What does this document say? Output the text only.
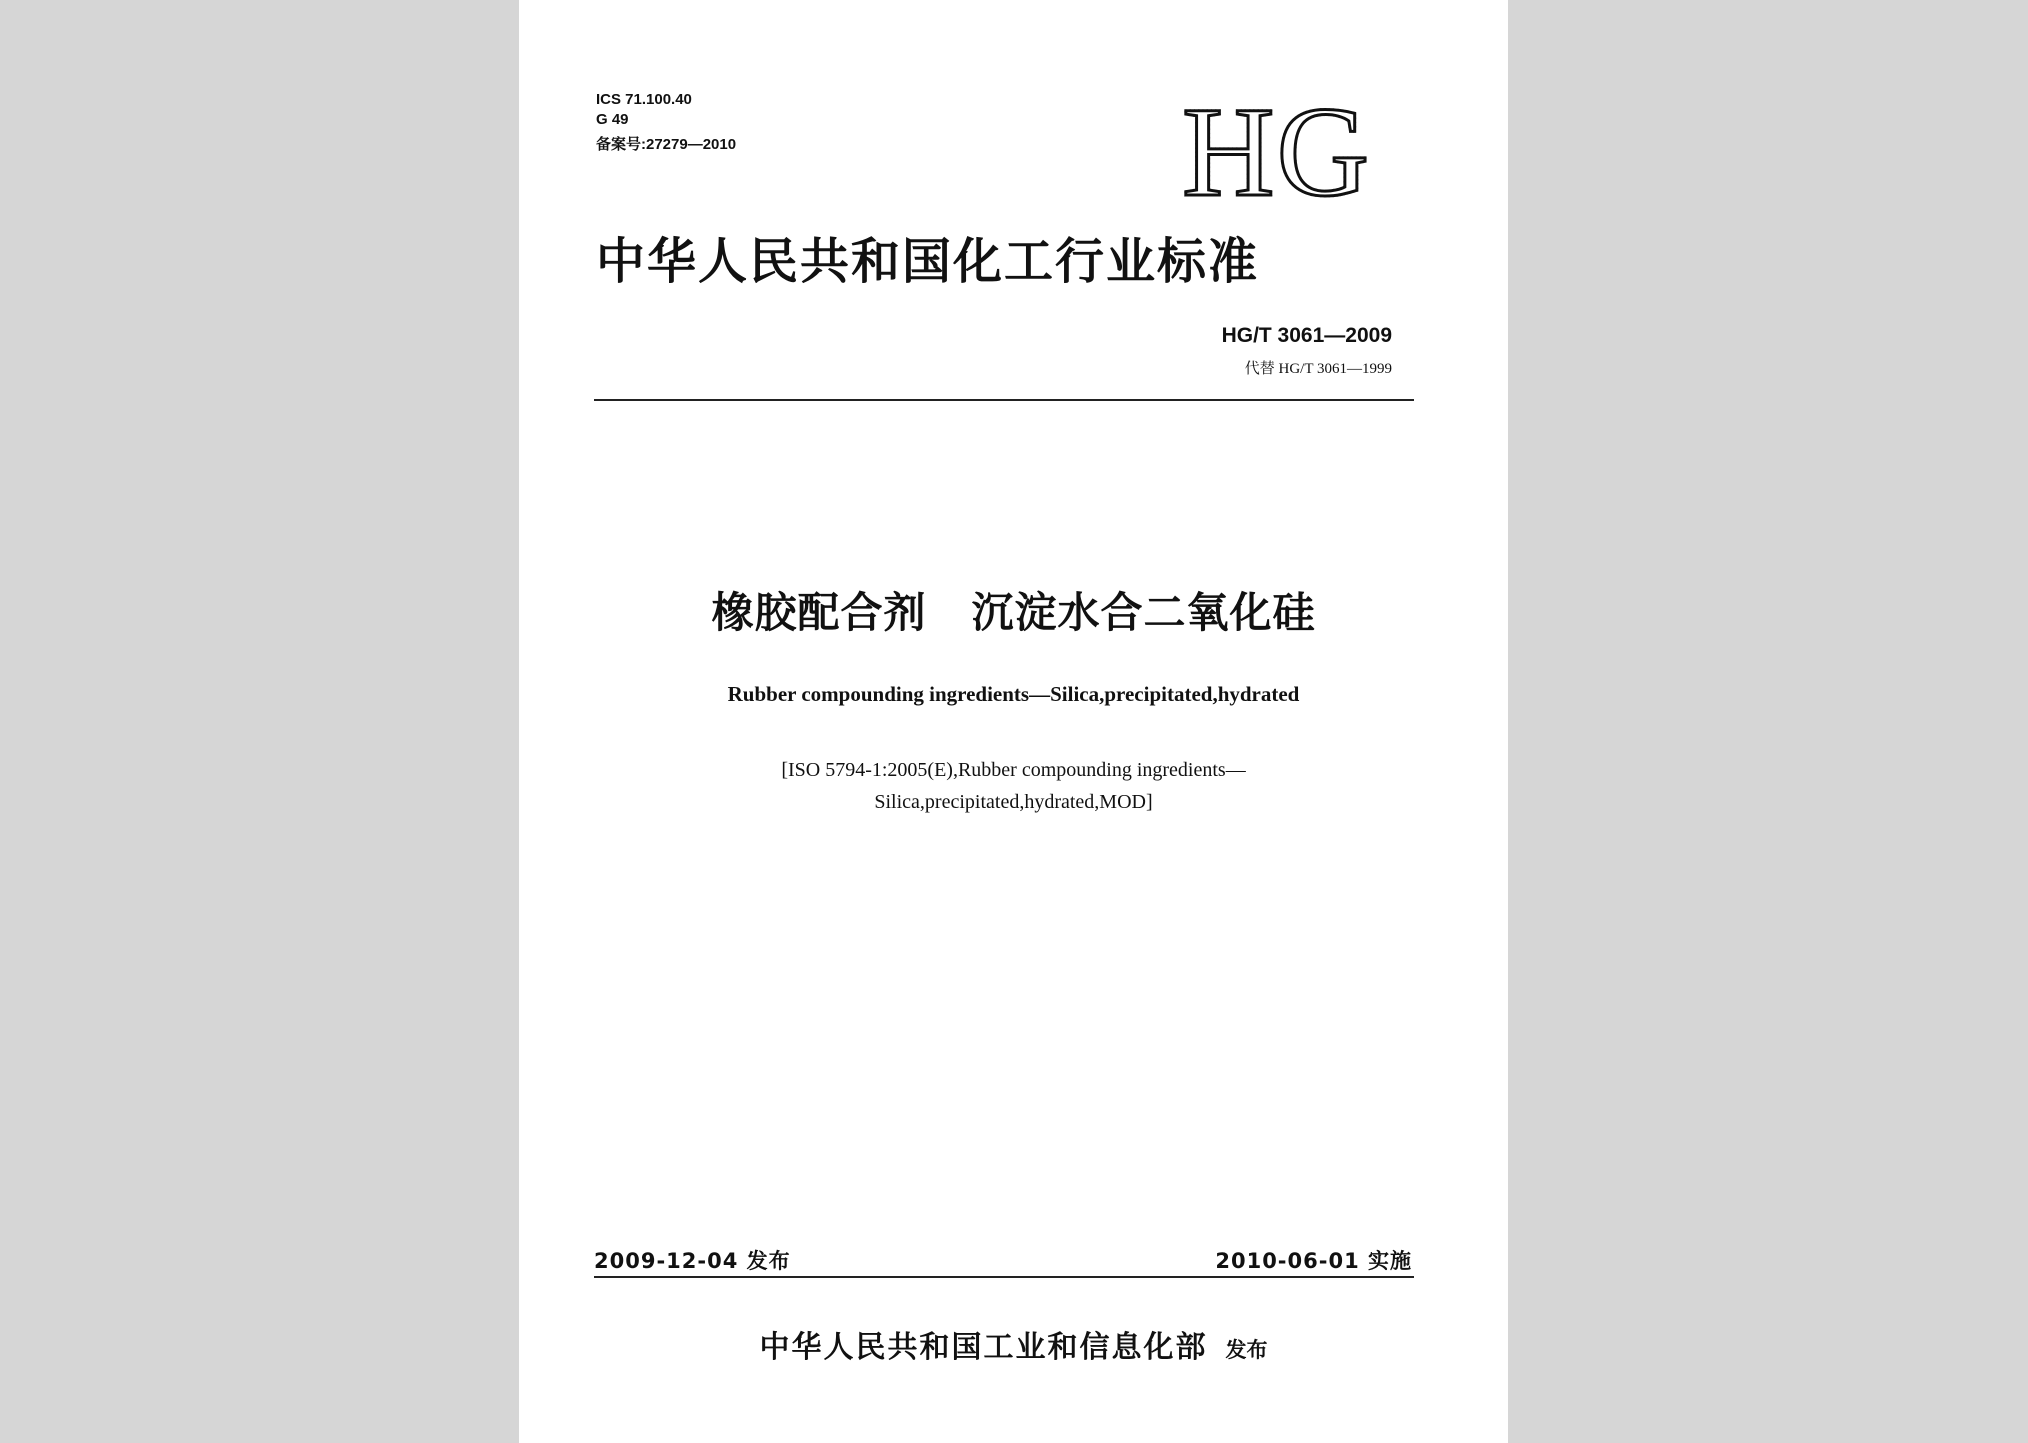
ICS 71.100.40
G 49
备案号:27279—2010	HG
中华人民共和国化工行业标准
HG/T 3061—2009
代替 HG/T 3061—1999
橡胶配合剂 沉淀水合二氧化硅
Rubber compounding ingredients—Silica,precipitated,hydrated
[ISO 5794-1:2005(E),Rubber compounding ingredients—
Silica,precipitated,hydrated,MOD]
2009-12-04 发布	2010-06-01 实施
中华人民共和国工业和信息化部 发布
